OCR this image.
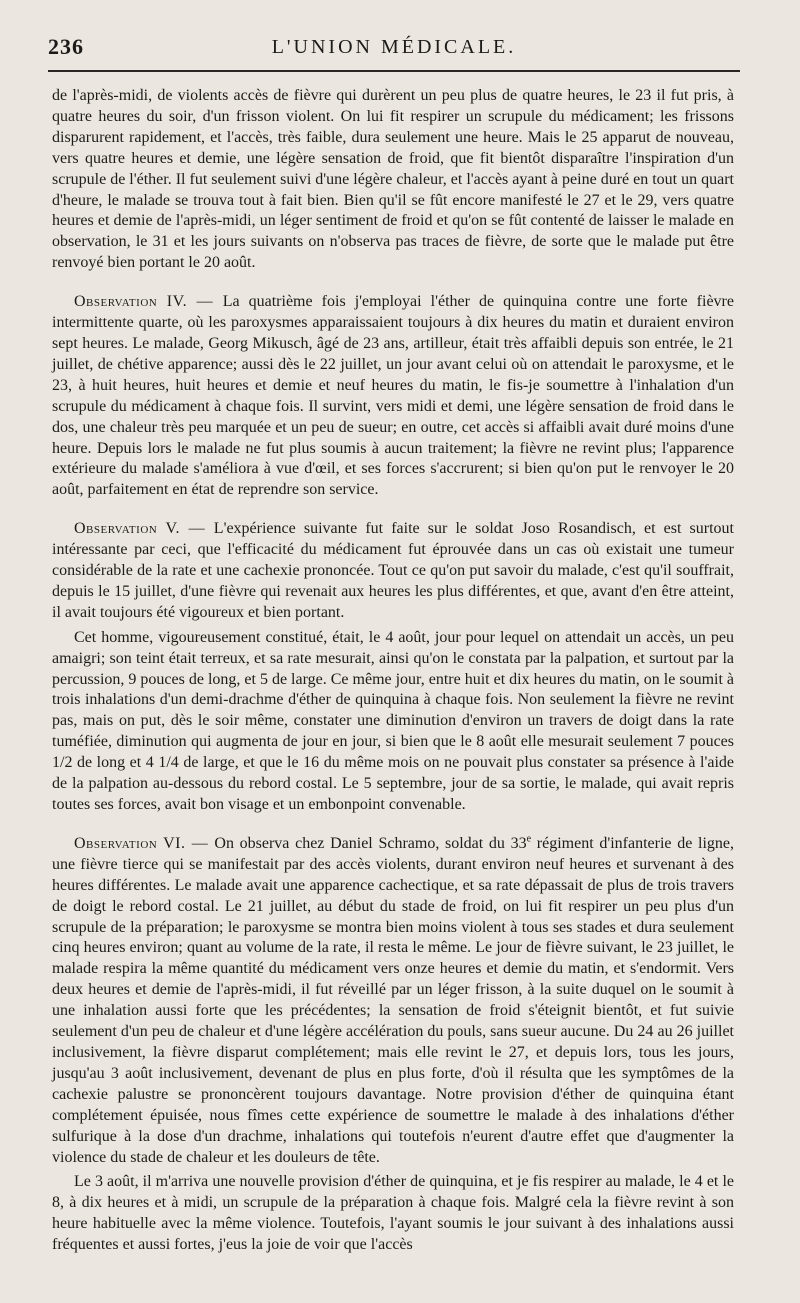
236	L'UNION MÉDICALE.

de l'après-midi, de violents accès de fièvre qui durèrent un peu plus de quatre heures, le 23 il fut pris, à quatre heures du soir, d'un frisson violent. On lui fit respirer un scrupule du médicament; les frissons disparurent rapidement, et l'accès, très faible, dura seulement une heure. Mais le 25 apparut de nouveau, vers quatre heures et demie, une légère sensation de froid, que fit bientôt disparaître l'inspiration d'un scrupule de l'éther. Il fut seulement suivi d'une légère chaleur, et l'accès ayant à peine duré en tout un quart d'heure, le malade se trouva tout à fait bien. Bien qu'il se fût encore manifesté le 27 et le 29, vers quatre heures et demie de l'après-midi, un léger sentiment de froid et qu'on se fût contenté de laisser le malade en observation, le 31 et les jours suivants on n'observa pas traces de fièvre, de sorte que le malade put être renvoyé bien portant le 20 août.

Observation IV. — La quatrième fois j'employai l'éther de quinquina contre une forte fièvre intermittente quarte, où les paroxysmes apparaissaient toujours à dix heures du matin et duraient environ sept heures. Le malade, Georg Mikusch, âgé de 23 ans, artilleur, était très affaibli depuis son entrée, le 21 juillet, de chétive apparence; aussi dès le 22 juillet, un jour avant celui où on attendait le paroxysme, et le 23, à huit heures, huit heures et demie et neuf heures du matin, le fis-je soumettre à l'inhalation d'un scrupule du médicament à chaque fois. Il survint, vers midi et demi, une légère sensation de froid dans le dos, une chaleur très peu marquée et un peu de sueur; en outre, cet accès si affaibli avait duré moins d'une heure. Depuis lors le malade ne fut plus soumis à aucun traitement; la fièvre ne revint plus; l'apparence extérieure du malade s'améliora à vue d'œil, et ses forces s'accrurent; si bien qu'on put le renvoyer le 20 août, parfaitement en état de reprendre son service.

Observation V. — L'expérience suivante fut faite sur le soldat Joso Rosandisch, et est surtout intéressante par ceci, que l'efficacité du médicament fut éprouvée dans un cas où existait une tumeur considérable de la rate et une cachexie prononcée. Tout ce qu'on put savoir du malade, c'est qu'il souffrait, depuis le 15 juillet, d'une fièvre qui revenait aux heures les plus différentes, et que, avant d'en être atteint, il avait toujours été vigoureux et bien portant.

Cet homme, vigoureusement constitué, était, le 4 août, jour pour lequel on attendait un accès, un peu amaigri; son teint était terreux, et sa rate mesurait, ainsi qu'on le constata par la palpation, et surtout par la percussion, 9 pouces de long, et 5 de large. Ce même jour, entre huit et dix heures du matin, on le soumit à trois inhalations d'un demi-drachme d'éther de quinquina à chaque fois. Non seulement la fièvre ne revint pas, mais on put, dès le soir même, constater une diminution d'environ un travers de doigt dans la rate tuméfiée, diminution qui augmenta de jour en jour, si bien que le 8 août elle mesurait seulement 7 pouces 1/2 de long et 4 1/4 de large, et que le 16 du même mois on ne pouvait plus constater sa présence à l'aide de la palpation au-dessous du rebord costal. Le 5 septembre, jour de sa sortie, le malade, qui avait repris toutes ses forces, avait bon visage et un embonpoint convenable.

Observation VI. — On observa chez Daniel Schramo, soldat du 33e régiment d'infanterie de ligne, une fièvre tierce qui se manifestait par des accès violents, durant environ neuf heures et survenant à des heures différentes. Le malade avait une apparence cachectique, et sa rate dépassait de plus de trois travers de doigt le rebord costal. Le 21 juillet, au début du stade de froid, on lui fit respirer un peu plus d'un scrupule de la préparation; le paroxysme se montra bien moins violent à tous ses stades et dura seulement cinq heures environ; quant au volume de la rate, il resta le même. Le jour de fièvre suivant, le 23 juillet, le malade respira la même quantité du médicament vers onze heures et demie du matin, et s'endormit. Vers deux heures et demie de l'après-midi, il fut réveillé par un léger frisson, à la suite duquel on le soumit à une inhalation aussi forte que les précédentes; la sensation de froid s'éteignit bientôt, et fut suivie seulement d'un peu de chaleur et d'une légère accélération du pouls, sans sueur aucune. Du 24 au 26 juillet inclusivement, la fièvre disparut complétement; mais elle revint le 27, et depuis lors, tous les jours, jusqu'au 3 août inclusivement, devenant de plus en plus forte, d'où il résulta que les symptômes de la cachexie palustre se prononcèrent toujours davantage. Notre provision d'éther de quinquina étant complétement épuisée, nous fîmes cette expérience de soumettre le malade à des inhalations d'éther sulfurique à la dose d'un drachme, inhalations qui toutefois n'eurent d'autre effet que d'augmenter la violence du stade de chaleur et les douleurs de tête.

Le 3 août, il m'arriva une nouvelle provision d'éther de quinquina, et je fis respirer au malade, le 4 et le 8, à dix heures et à midi, un scrupule de la préparation à chaque fois. Malgré cela la fièvre revint à son heure habituelle avec la même violence. Toutefois, l'ayant soumis le jour suivant à des inhalations aussi fréquentes et aussi fortes, j'eus la joie de voir que l'accès
